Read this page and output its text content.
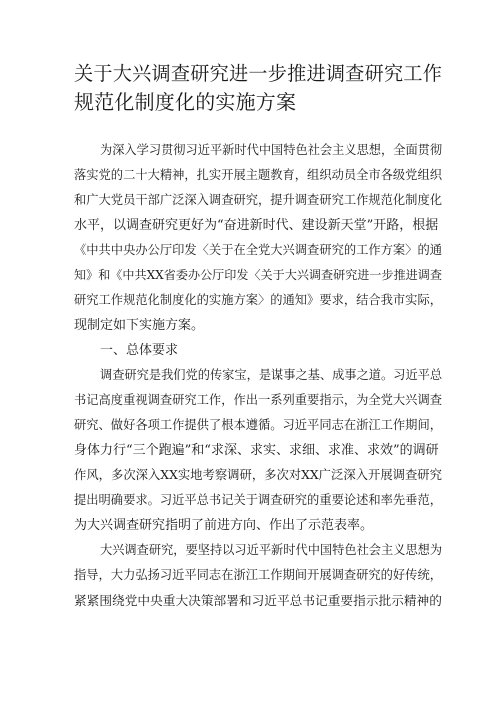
关于大兴调查研究进一步推进调查研究工作
规范化制度化的实施方案
为深入学习贯彻习近平新时代中国特色社会主义思想，全面贯彻
落实党的二十大精神，扎实开展主题教育，组织动员全市各级党组织
和广大党员干部广泛深入调查研究，提升调查研究工作规范化制度化
水平，以调查研究更好为“奋进新时代、建设新天堂”开路，根据
《中共中央办公厅印发〈关于在全党大兴调查研究的工作方案〉的通
知》和《中共XX省委办公厅印发〈关于大兴调查研究进一步推进调查
研究工作规范化制度化的实施方案〉的通知》要求，结合我市实际，
现制定如下实施方案。
一、总体要求
调查研究是我们党的传家宝，是谋事之基、成事之道。习近平总
书记高度重视调查研究工作，作出一系列重要指示，为全党大兴调查
研究、做好各项工作提供了根本遵循。习近平同志在浙江工作期间，
身体力行“三个跑遍”和“求深、求实、求细、求准、求效”的调研
作风，多次深入XX实地考察调研，多次对XX广泛深入开展调查研究
提出明确要求。习近平总书记关于调查研究的重要论述和率先垂范，
为大兴调查研究指明了前进方向、作出了示范表率。
大兴调查研究，要坚持以习近平新时代中国特色社会主义思想为
指导，大力弘扬习近平同志在浙江工作期间开展调查研究的好传统，
紧紧围绕党中央重大决策部署和习近平总书记重要指示批示精神的
